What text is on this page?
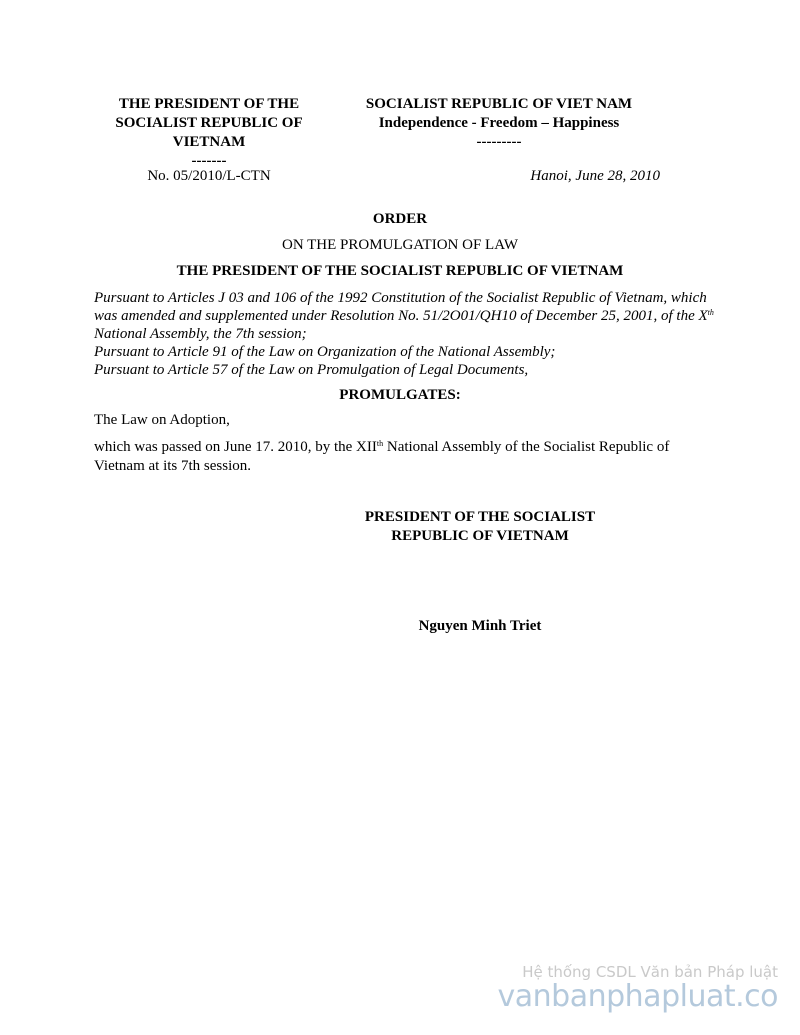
THE PRESIDENT OF THE
SOCIALIST REPUBLIC OF
VIETNAM
-------
SOCIALIST REPUBLIC OF VIET NAM
Independence - Freedom – Happiness
---------
No. 05/2010/L-CTN	Hanoi, June 28, 2010
ORDER
ON THE PROMULGATION OF LAW
THE PRESIDENT OF THE SOCIALIST REPUBLIC OF VIETNAM

Pursuant to Articles J 03 and 106 of the 1992 Constitution of the Socialist Republic of Vietnam, which was amended and supplemented under Resolution No. 51/2O01/QH10 of December 25, 2001, of the Xth National Assembly, the 7th session;

Pursuant to Article 91 of the Law on Organization of the National Assembly;

Pursuant to Article 57 of the Law on Promulgation of Legal Documents,

PROMULGATES:
The Law on Adoption,
which was passed on June 17. 2010, by the XIIth National Assembly of the Socialist Republic of Vietnam at its 7th session.
PRESIDENT OF THE SOCIALIST
REPUBLIC OF VIETNAM
Nguyen Minh Triet
Hệ thống CSDL Văn bản Pháp luật
vanbanphapluat.co
